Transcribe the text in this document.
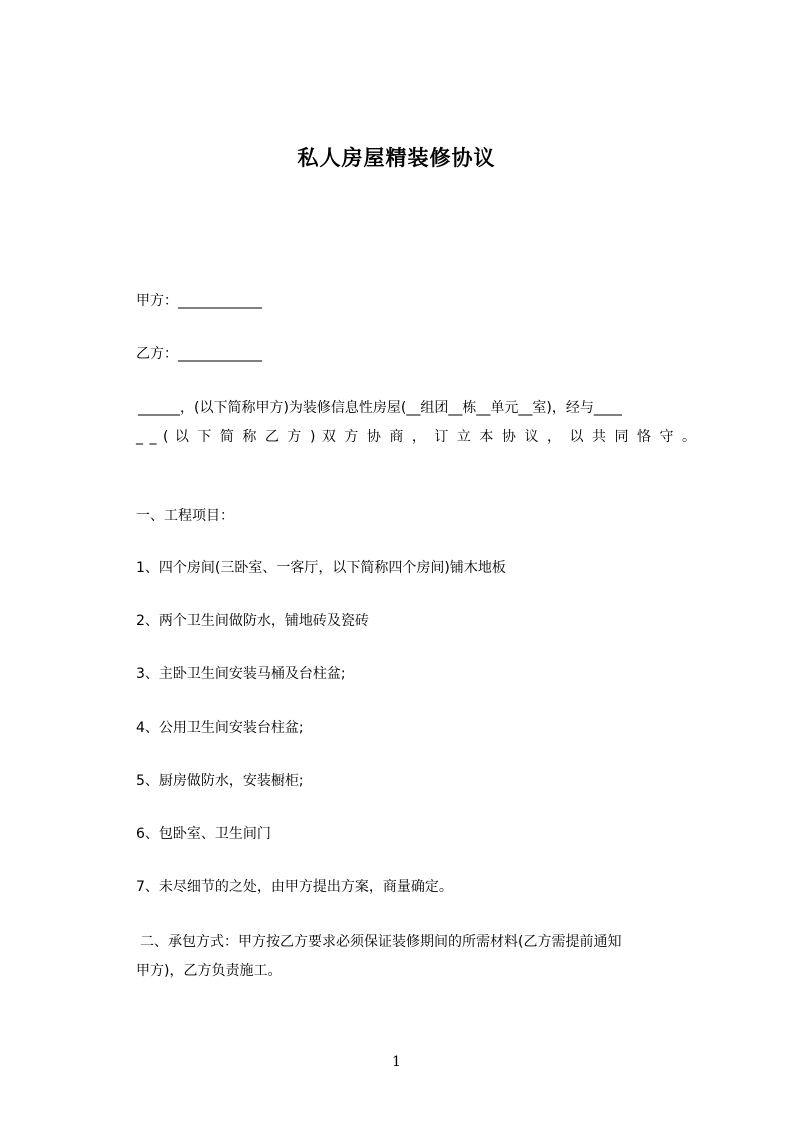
私人房屋精装修协议
甲方：____________
乙方：____________
______，(以下简称甲方)为装修信息性房屋(__组团__栋__单元__室)，经与____
_ _ ( 以 下 简 称 乙 方 ) 双 方 协 商 ， 订 立 本 协 议 ， 以 共 同 恪 守 。
一、工程项目：
1、四个房间(三卧室、一客厅，以下简称四个房间)铺木地板
2、两个卫生间做防水，铺地砖及瓷砖
3、主卧卫生间安装马桶及台柱盆;
4、公用卫生间安装台柱盆;
5、厨房做防水，安装橱柜;
6、包卧室、卫生间门
7、未尽细节的之处，由甲方提出方案，商量确定。
二、承包方式：甲方按乙方要求必须保证装修期间的所需材料(乙方需提前通知
甲方)，乙方负责施工。
1
